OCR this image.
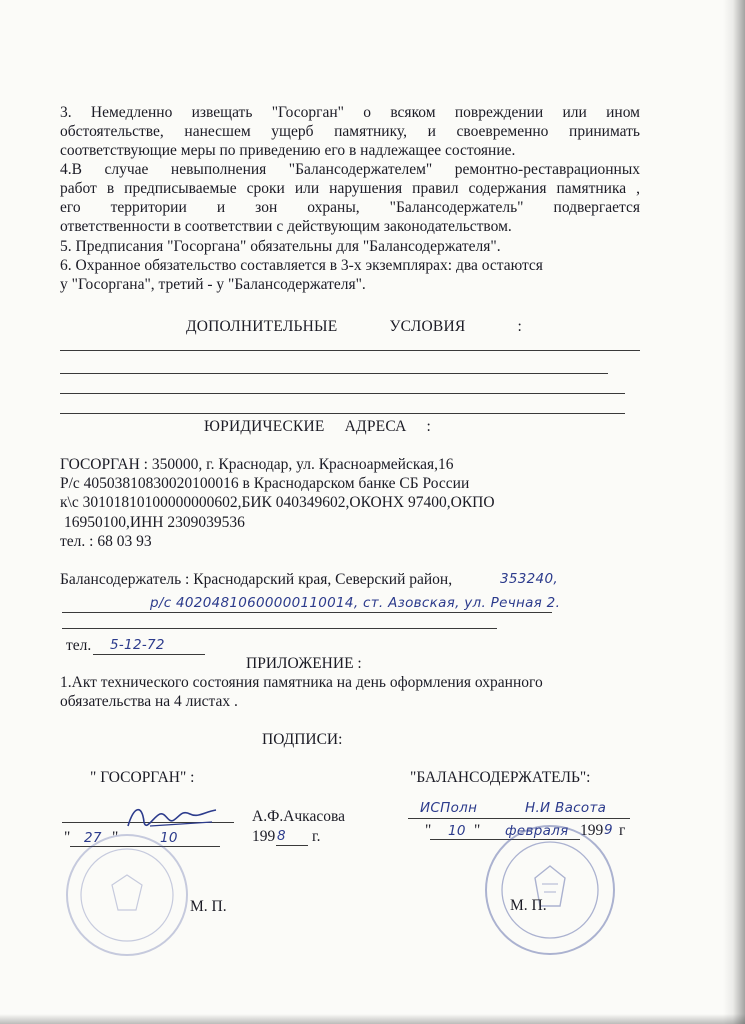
3. Немедленно извещать "Госорган" о всяком повреждении или ином
обстоятельстве, нанесшем ущерб памятнику, и своевременно принимать
соответствующие меры по приведению его в надлежащее состояние.
4.В случае невыполнения "Балансодержателем" ремонтно-реставрационных
работ в предписываемые сроки или нарушения правил содержания памятника ,
его территории и зон охраны, "Балансодержатель" подвергается
ответственности в соответствии с действующим законодательством.
5. Предписания "Госоргана" обязательны для "Балансодержателя".
6. Охранное обязательство составляется в 3-х экземплярах: два остаются
у "Госоргана", третий - у "Балансодержателя".
ДОПОЛНИТЕЛЬНЫЕ УСЛОВИЯ :
ЮРИДИЧЕСКИЕ АДРЕСА :
ГОСОРГАН : 350000, г. Краснодар, ул. Красноармейская,16
Р/с 40503810830020100016 в Краснодарском банке СБ России
к\с 30101810100000000602,БИК 040349602,ОКОНХ 97400,ОКПО
16950100,ИНН 2309039536
тел. : 68 03 93
Балансодержатель : Краснодарский края, Северский район,	353240,
р/с 40204810600000110014, ст. Азовская, ул. Речная 2.
тел. 5-12-72
ПРИЛОЖЕНИЕ :
1.Акт технического состояния памятника на день оформления охранного
обязательства на 4 листах .
ПОДПИСИ:
" ГОСОРГАН" :	"БАЛАНСОДЕРЖАТЕЛЬ":
А.Ф.Ачкасова
" 27 "	10	199 8 г.
ИСПолн	Н.И Васота
" 10 " февраля 199 9 г
М. П.	М. П.
